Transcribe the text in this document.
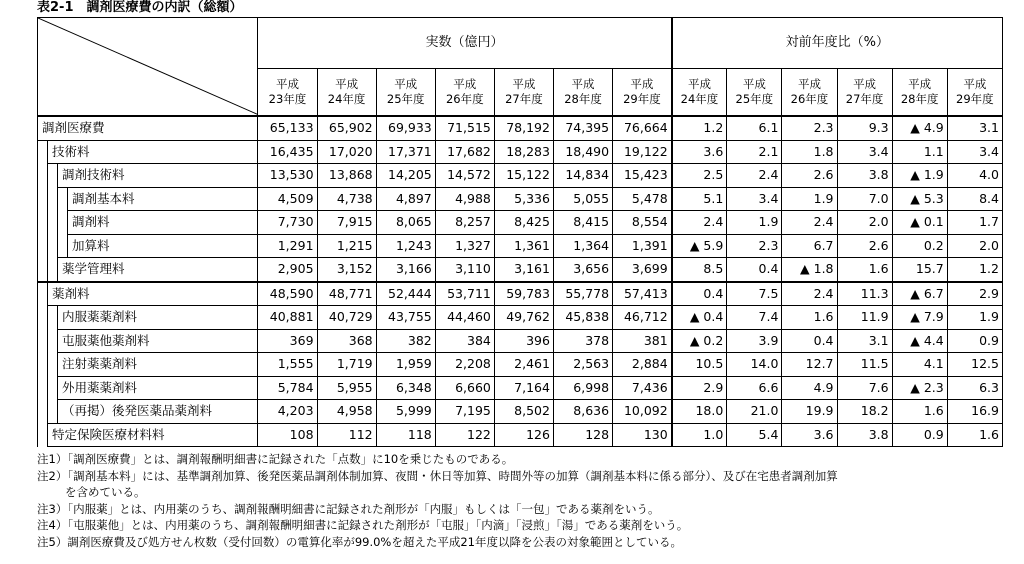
表2-1　調剤医療費の内訳（総額）
	実数（億円）							対前年度比（%）					

				平成
23年度	平成
24年度	平成
25年度	平成
26年度	平成
27年度	平成
28年度	平成
29年度	平成
24年度	平成
25年度	平成
26年度	平成
27年度	平成
28年度	平成
29年度

調剤医療費				65,133	65,902	69,933	71,515	78,192	74,395	76,664	1.2	6.1	2.3	9.3	▲ 4.9	3.1
	技術料			16,435	17,020	17,371	17,682	18,283	18,490	19,122	3.6	2.1	1.8	3.4	1.1	3.4
		調剤技術料		13,530	13,868	14,205	14,572	15,122	14,834	15,423	2.5	2.4	2.6	3.8	▲ 1.9	4.0
			調剤基本料	4,509	4,738	4,897	4,988	5,336	5,055	5,478	5.1	3.4	1.9	7.0	▲ 5.3	8.4
			調剤料	7,730	7,915	8,065	8,257	8,425	8,415	8,554	2.4	1.9	2.4	2.0	▲ 0.1	1.7
			加算料	1,291	1,215	1,243	1,327	1,361	1,364	1,391	▲ 5.9	2.3	6.7	2.6	0.2	2.0
		薬学管理料		2,905	3,152	3,166	3,110	3,161	3,656	3,699	8.5	0.4	▲ 1.8	1.6	15.7	1.2
	薬剤料			48,590	48,771	52,444	53,711	59,783	55,778	57,413	0.4	7.5	2.4	11.3	▲ 6.7	2.9
		内服薬薬剤料		40,881	40,729	43,755	44,460	49,762	45,838	46,712	▲ 0.4	7.4	1.6	11.9	▲ 7.9	1.9
		屯服薬他薬剤料		369	368	382	384	396	378	381	▲ 0.2	3.9	0.4	3.1	▲ 4.4	0.9
		注射薬薬剤料		1,555	1,719	1,959	2,208	2,461	2,563	2,884	10.5	14.0	12.7	11.5	4.1	12.5
		外用薬薬剤料		5,784	5,955	6,348	6,660	7,164	6,998	7,436	2.9	6.6	4.9	7.6	▲ 2.3	6.3
		（再掲）後発医薬品薬剤料		4,203	4,958	5,999	7,195	8,502	8,636	10,092	18.0	21.0	19.9	18.2	1.6	16.9
	特定保険医療材料料			108	112	118	122	126	128	130	1.0	5.4	3.6	3.8	0.9	1.6
注1）「調剤医療費」とは、調剤報酬明細書に記録された「点数」に10を乗じたものである。
注2）「調剤基本料」には、基準調剤加算、後発医薬品調剤体制加算、夜間・休日等加算、時間外等の加算（調剤基本料に係る部分）、及び在宅患者調剤加算
を含めている。
注3）「内服薬」とは、内用薬のうち、調剤報酬明細書に記録された剤形が「内服」もしくは「一包」である薬剤をいう。
注4）「屯服薬他」とは、内用薬のうち、調剤報酬明細書に記録された剤形が「屯服」「内滴」「浸煎」「湯」である薬剤をいう。
注5）調剤医療費及び処方せん枚数（受付回数）の電算化率が99.0%を超えた平成21年度以降を公表の対象範囲としている。
